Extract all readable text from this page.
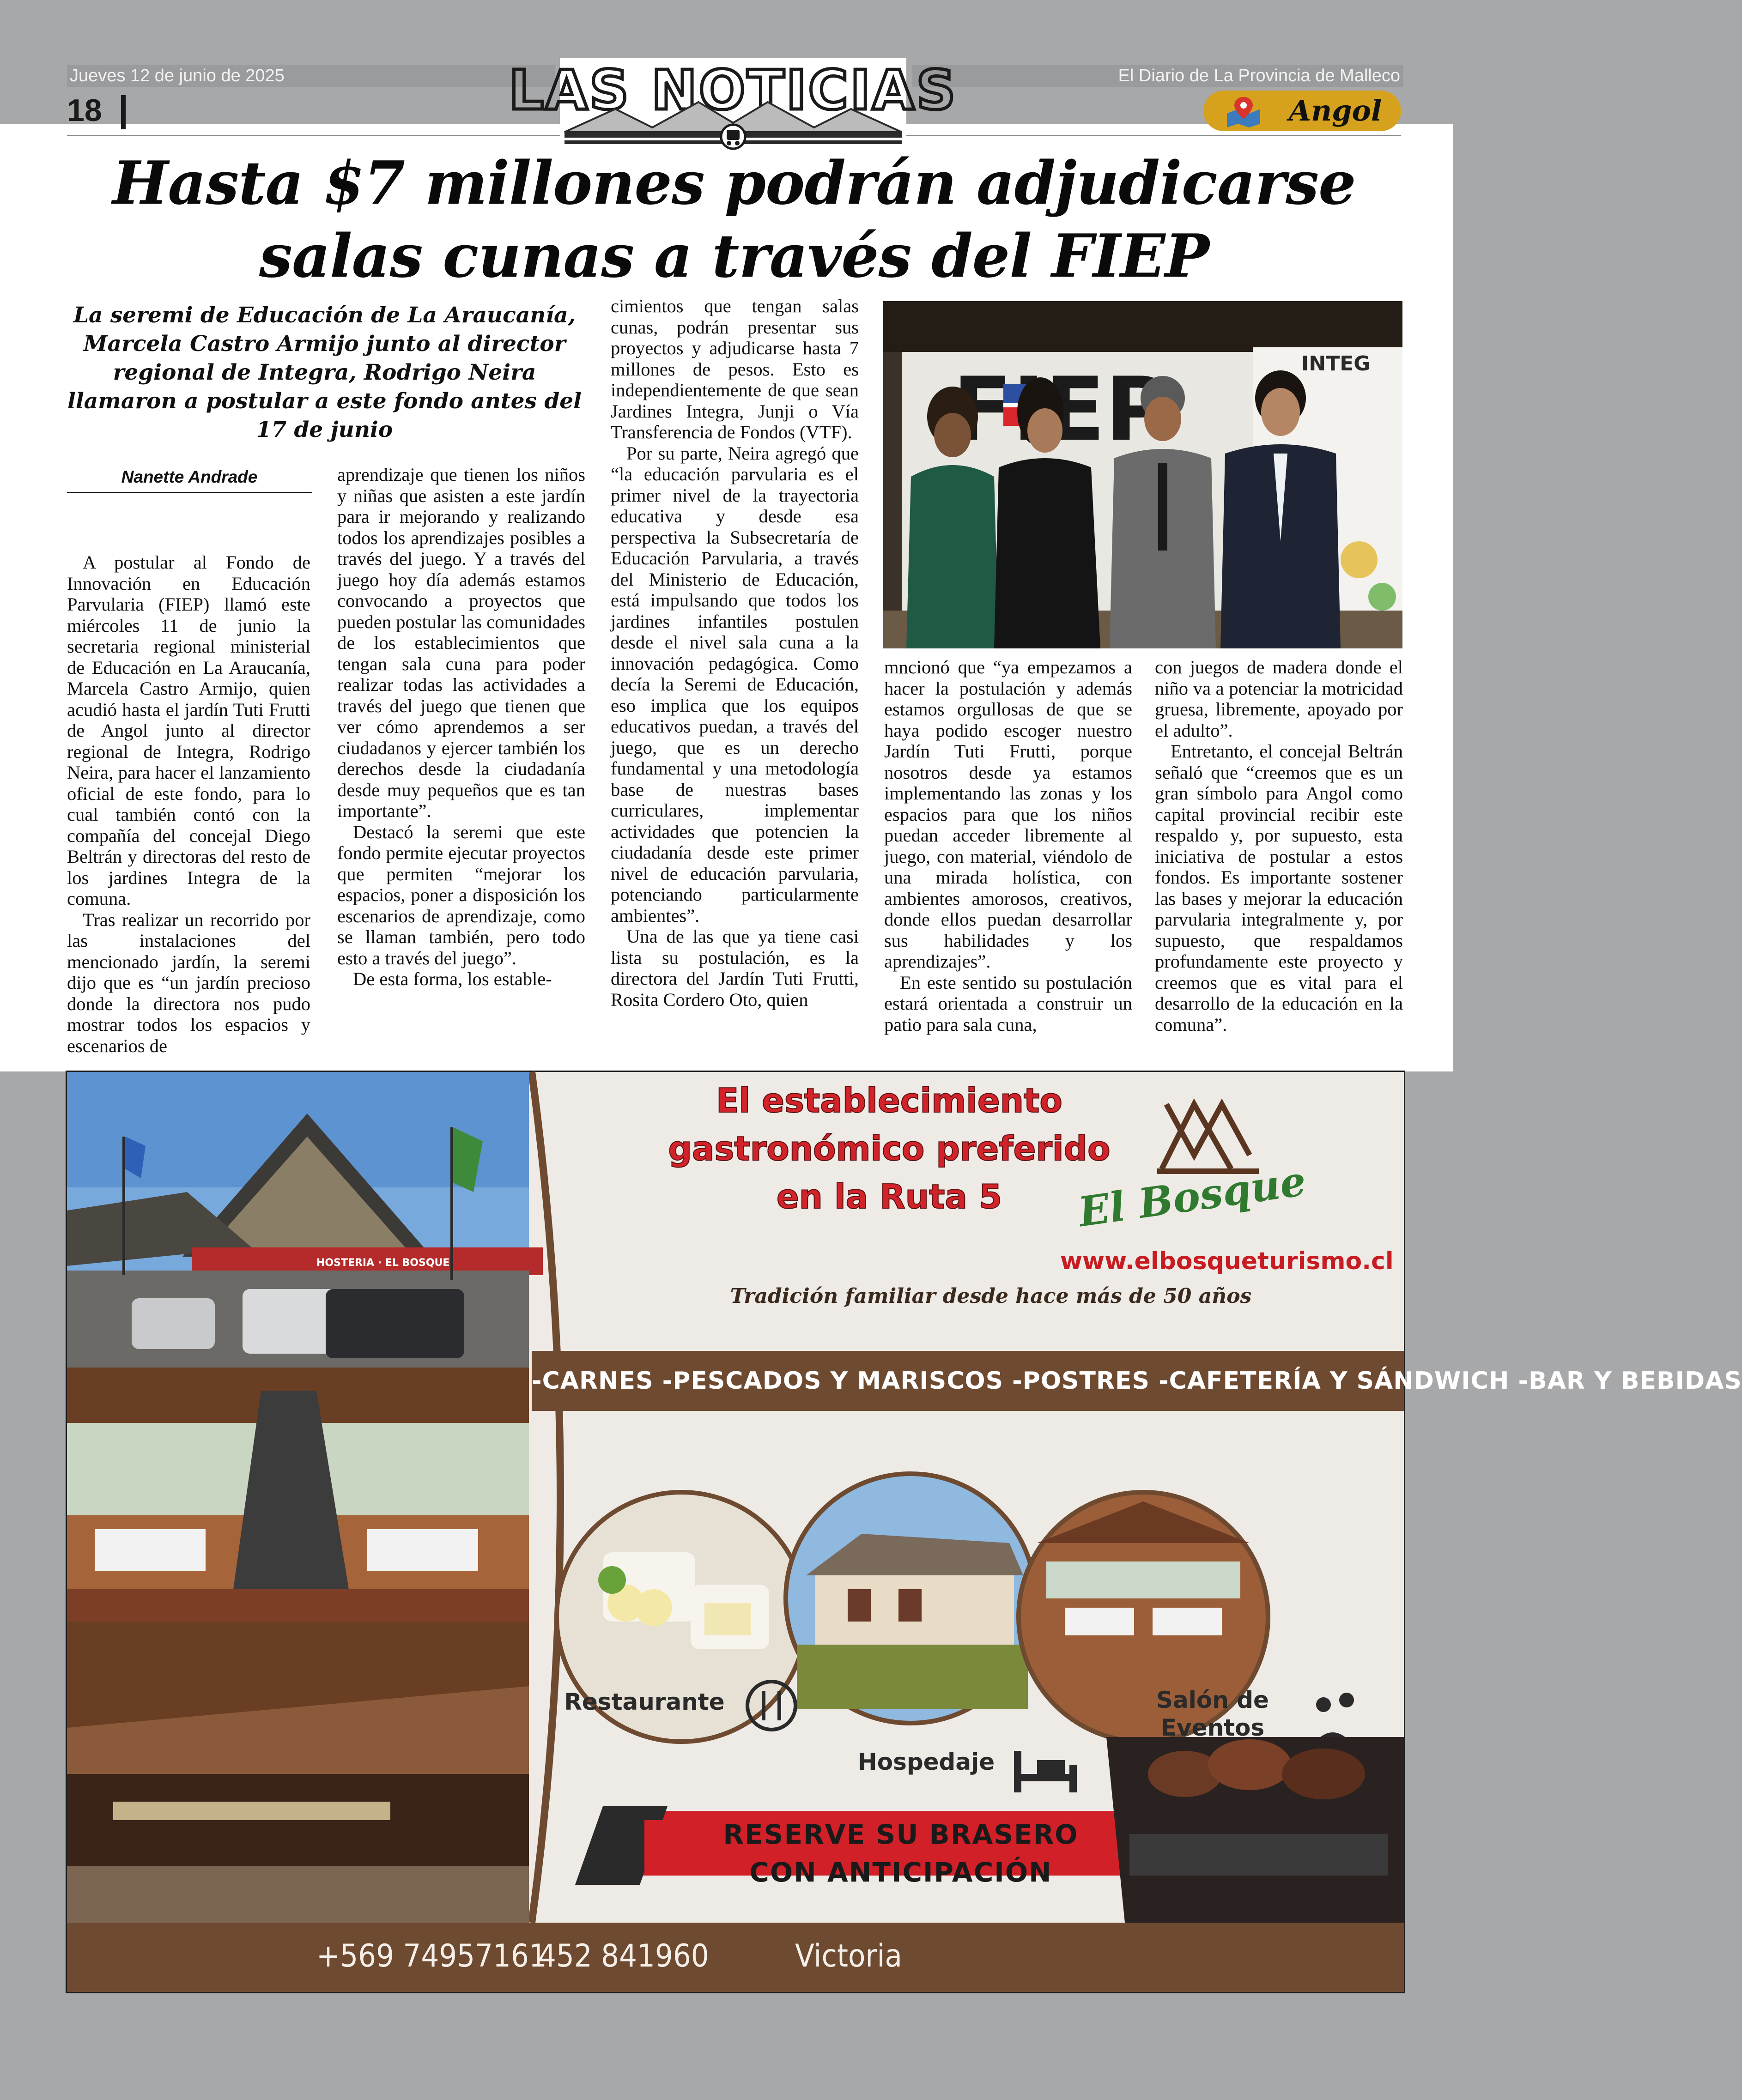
Jueves 12 de junio de 2025	El Diario de La Provincia de Malleco
18	LAS NOTICIAS	Angol
Hasta $7 millones podrán adjudicarse
salas cunas a través del FIEP
La seremi de Educación de La Araucanía, Marcela Castro Armijo junto al director regional de Integra, Rodrigo Neira llamaron a postular a este fondo antes del 17 de junio
Nanette Andrade

A postular al Fondo de Innovación en Educación Parvularia (FIEP) llamó este miércoles 11 de junio la secretaria regional ministerial de Educación en La Araucanía, Marcela Castro Armijo, quien acudió hasta el jardín Tuti Frutti de Angol junto al director regional de Integra, Rodrigo Neira, para hacer el lanzamiento oficial de este fondo, para lo cual también contó con la compañía del concejal Diego Beltrán y directoras del resto de los jardines Integra de la comuna.

Tras realizar un recorrido por las instalaciones del mencionado jardín, la seremi dijo que es “un jardín precioso donde la directora nos pudo mostrar todos los espacios y escenarios de

aprendizaje que tienen los niños y niñas que asisten a este jardín para ir mejorando y realizando todos los aprendizajes posibles a través del juego. Y a través del juego hoy día además estamos convocando a proyectos que pueden postular las comunidades de los establecimientos que tengan sala cuna para poder realizar todas las actividades a través del juego que tienen que ver cómo aprendemos a ser ciudadanos y ejercer también los derechos desde la ciudadanía desde muy pequeños que es tan importante”.

Destacó la seremi que este fondo permite ejecutar proyectos que permiten “mejorar los espacios, poner a disposición los escenarios de aprendizaje, como se llaman también, pero todo esto a través del juego”.

De esta forma, los estable-

cimientos que tengan salas cunas, podrán presentar sus proyectos y adjudicarse hasta 7 millones de pesos. Esto es independientemente de que sean Jardines Integra, Junji o Vía Transferencia de Fondos (VTF).

Por su parte, Neira agregó que “la educación parvularia es el primer nivel de la trayectoria educativa y desde esa perspectiva la Subsecretaría de Educación Parvularia, a través del Ministerio de Educación, está impulsando que todos los jardines infantiles postulen desde el nivel sala cuna a la innovación pedagógica. Como decía la Seremi de Educación, eso implica que los equipos educativos puedan, a través del juego, que es un derecho fundamental y una metodología base de nuestras bases curriculares, implementar actividades que potencien la ciudadanía desde este primer nivel de educación parvularia, potenciando particularmente ambientes”.

Una de las que ya tiene casi lista su postulación, es la directora del Jardín Tuti Frutti, Rosita Cordero Oto, quien

mncionó que “ya empezamos a hacer la postulación y además estamos orgullosas de que se haya podido escoger nuestro Jardín Tuti Frutti, porque nosotros desde ya estamos implementando las zonas y los espacios para que los niños puedan acceder libremente al juego, con material, viéndolo de una mirada holística, con ambientes amorosos, creativos, donde ellos puedan desarrollar sus habilidades y los aprendizajes”.

En este sentido su postulación estará orientada a construir un patio para sala cuna,

con juegos de madera donde el niño va a potenciar la motricidad gruesa, libremente, apoyado por el adulto”.

Entretanto, el concejal Beltrán señaló que “creemos que es un gran símbolo para Angol como capital provincial recibir este respaldo y, por supuesto, esta iniciativa de postular a estos fondos. Es importante sostener las bases y mejorar la educación parvularia integralmente y, por supuesto, que respaldamos profundamente este proyecto y creemos que es vital para el desarrollo de la educación en la comuna”.

INTEG
HOSTERIA · EL BOSQUE
El Bosque
El establecimiento
gastronómico preferido
en la Ruta 5
www.elbosqueturismo.cl
Tradición familiar desde hace más de 50 años
-CARNES -PESCADOS Y MARISCOS -POSTRES -CAFETERÍA Y SÁNDWICH -BAR Y BEBIDAS
Restaurante
Hospedaje
Salón de
Eventos
RESERVE SU BRASERO
CON ANTICIPACIÓN
+569 74957161
452 841960	Victoria
